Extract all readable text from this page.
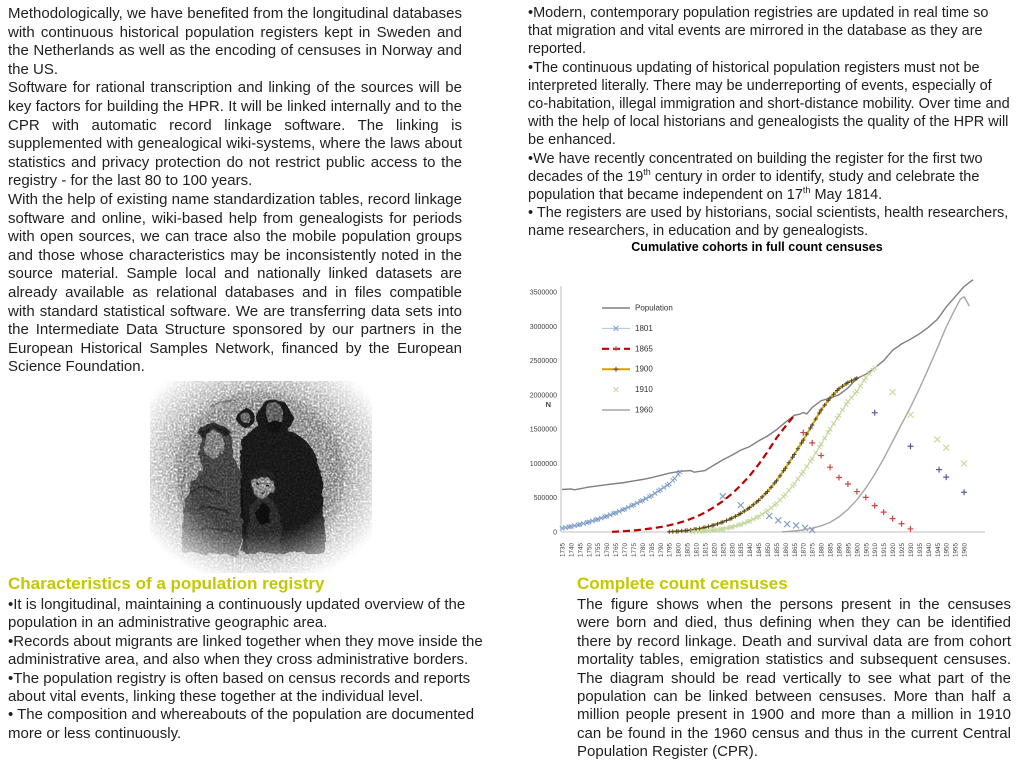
Methodologically, we have benefited from the longitudinal databases with continuous historical population registers kept in Sweden and the Netherlands as well as the encoding of censuses in Norway and the US.

Software for rational transcription and linking of the sources will be key factors for building the HPR. It will be linked internally and to the CPR with automatic record linkage software. The linking is supplemented with genealogical wiki-systems, where the laws about statistics and privacy protection do not restrict public access to the registry - for the last 80 to 100 years.

With the help of existing name standardization tables, record linkage software and online, wiki-based help from genealogists for periods with open sources, we can trace also the mobile population groups and those whose characteristics may be inconsistently noted in the source material. Sample local and nationally linked datasets are already available as relational databases and in files compatible with standard statistical software. We are transferring data sets into the Intermediate Data Structure sponsored by our partners in the European Historical Samples Network, financed by the European Science Foundation.

•Modern, contemporary population registries are updated in real time so that migration and vital events are mirrored in the database as they are reported.

•The continuous updating of historical population registers must not be interpreted literally. There may be underreporting of events, especially of co-habitation, illegal immigration and short-distance mobility. Over time and with the help of local historians and genealogists the quality of the HPR will be enhanced.

•We have recently concentrated on building the register for the first two decades of the 19th century in order to identify, study and celebrate the population that became independent on 17th May 1814.

• The registers are used by historians, social scientists, health researchers, name researchers, in education and by genealogists.

Cumulative cohorts in full count censuses
0
500000
1000000
1500000
2000000
2500000
3000000
3500000
N
1735 1740 1745 1750 1755 1760 1765 1770 1775 1780 1785 1790 1795 1800 1805 1810 1815 1820 1825 1830 1835 1840 1845 1850 1855 1860 1865 1870 1875 1880 1885 1890 1895 1900 1905 1910 1915 1920 1925 1930 1935 1940 1945 1950 1955 1960
Population
1801
1865
1900
1910
1960
Characteristics of a population registry

•It is longitudinal, maintaining a continuously updated overview of the population in an administrative geographic area.

•Records about migrants are linked together when they move inside the administrative area, and also when they cross administrative borders.

•The population registry is often based on census records and reports about vital events, linking these together at the individual level.

• The composition and whereabouts of the population are documented more or less continuously.

Complete count censuses

The figure shows when the persons present in the censuses were born and died, thus defining when they can be identified there by record linkage. Death and survival data are from cohort mortality tables, emigration statistics and subsequent censuses. The diagram should be read vertically to see what part of the population can be linked between censuses. More than half a million people present in 1900 and more than a million in 1910 can be found in the 1960 census and thus in the current Central Population Register (CPR).
